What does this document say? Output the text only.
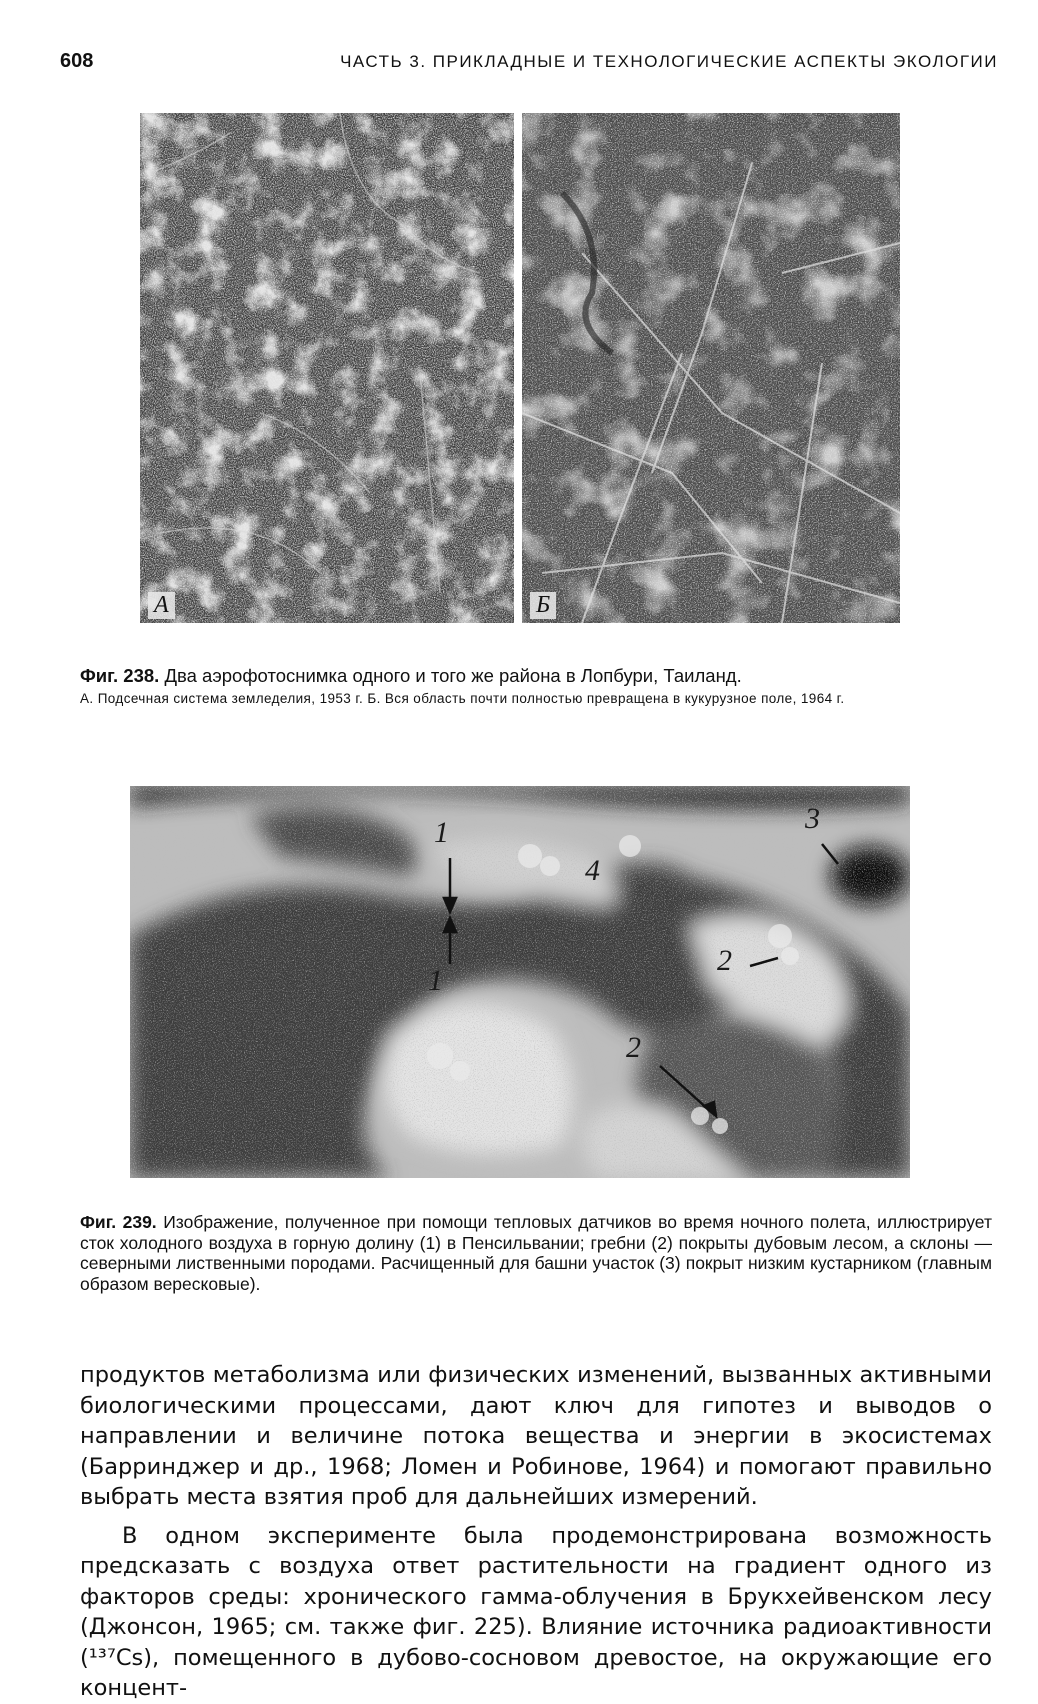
608	ЧАСТЬ 3. ПРИКЛАДНЫЕ И ТЕХНОЛОГИЧЕСКИЕ АСПЕКТЫ ЭКОЛОГИИ
А	Б
Фиг. 238. Два аэрофотоснимка одного и того же района в Лопбури, Таиланд.
А. Подсечная система земледелия, 1953 г. Б. Вся область почти полностью превращена в кукурузное поле, 1964 г.
1
1
2
2
3
4
Фиг. 239. Изображение, полученное при помощи тепловых датчиков во время ночного полета, иллюстрирует сток холодного воздуха в горную долину (1) в Пенсильвании; гребни (2) покрыты дубовым лесом, а склоны — северными лиственными породами. Расчищенный для башни участок (3) покрыт низким кустарником (главным образом вересковые).

продуктов метаболизма или физических изменений, вызванных активными биологическими процессами, дают ключ для гипотез и выводов о направлении и величине потока вещества и энергии в экосистемах (Барринджер и др., 1968; Ломен и Робинове, 1964) и помогают правильно выбрать места взятия проб для дальнейших измерений.

В одном эксперименте была продемонстрирована возможность предсказать с воздуха ответ растительности на градиент одного из факторов среды: хронического гамма-облучения в Брукхейвенском лесу (Джонсон, 1965; см. также фиг. 225). Влияние источника радиоактивности (¹³⁷Cs), помещенного в дубово-сосновом древостое, на окружающие его концент-
